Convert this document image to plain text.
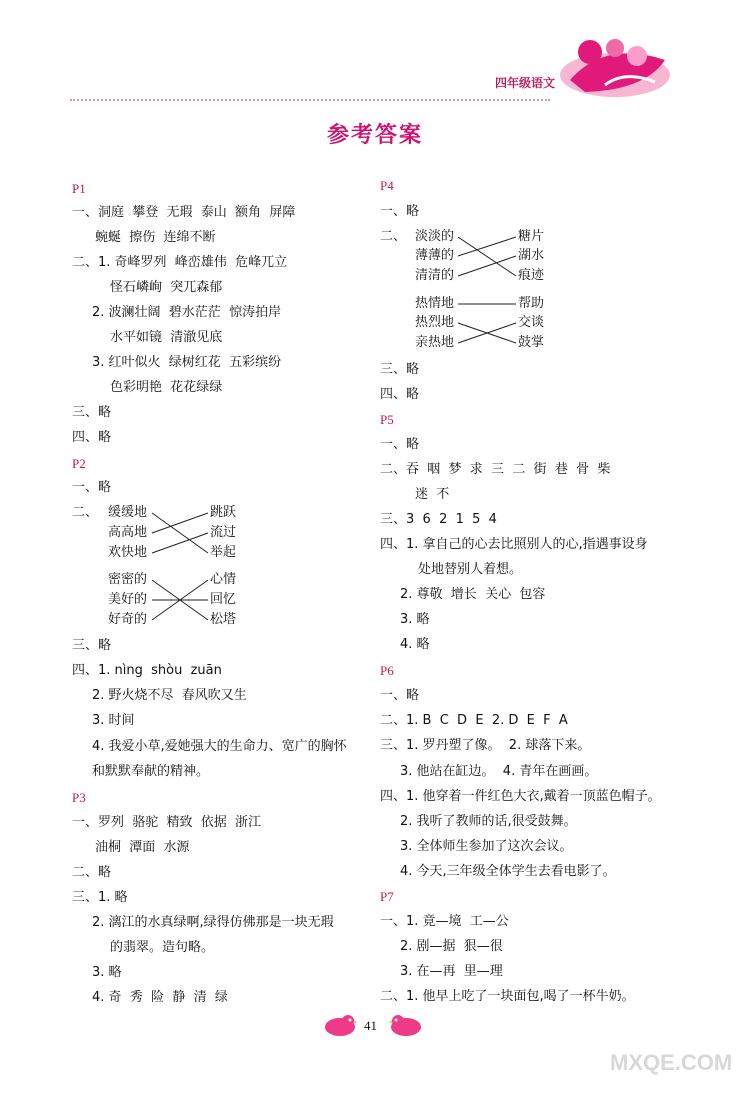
四年级语文
参考答案
P1
一、洞庭  攀登  无瑕  泰山  额角  屏障
蜿蜒  擦伤  连绵不断
二、1. 奇峰罗列  峰峦雄伟  危峰兀立
怪石嶙峋  突兀森郁
2. 波澜壮阔  碧水茫茫  惊涛拍岸
水平如镜  清澈见底
3. 红叶似火  绿树红花  五彩缤纷
色彩明艳  花花绿绿
三、略
四、略
P2
一、略
二、 缓缓地
高高地
欢快地
跳跃
流过
举起
密密的
美好的
好奇的
心情
回忆
松塔
三、略
四、1. nìng  shòu  zuān
2. 野火烧不尽  春风吹又生
3. 时间
4. 我爱小草,爱她强大的生命力、宽广的胸怀
和默默奉献的精神。
P3
一、罗列  骆驼  精致  依据  浙江
油桐  潭面  水源
二、略
三、1. 略
2. 漓江的水真绿啊,绿得仿佛那是一块无瑕
的翡翠。造句略。
3. 略
4. 奇  秀  险  静  清  绿
P4
一、略
二、 淡淡的
薄薄的
清清的
糖片
湖水
痕迹
热情地
热烈地
亲热地
帮助
交谈
鼓掌
三、略
四、略
P5
一、略
二、吞  咽  梦  求  三  二  街  巷  骨  柴
迷  不
三、3  6  2  1  5  4
四、1. 拿自己的心去比照别人的心,指遇事设身
处地替别人着想。
2. 尊敬  增长  关心  包容
3. 略
4. 略
P6
一、略
二、1. B  C  D  E  2. D  E  F  A
三、1. 罗丹塑了像。  2. 球落下来。
3. 他站在缸边。  4. 青年在画画。
四、1. 他穿着一件红色大衣,戴着一顶蓝色帽子。
2. 我听了教师的话,很受鼓舞。
3. 全体师生参加了这次会议。
4. 今天,三年级全体学生去看电影了。
P7
一、1. 竟—境  工—公
2. 剧—据  狠—很
3. 在—再  里—理
二、1. 他早上吃了一块面包,喝了一杯牛奶。
41
MXQE.COM
